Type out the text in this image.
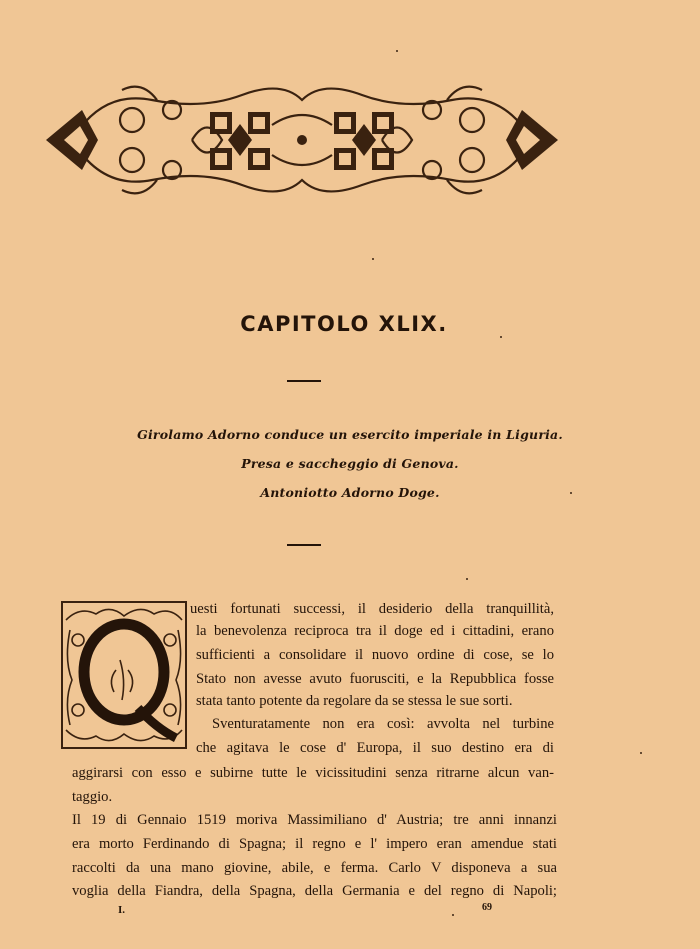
CAPITOLO XLIX.
Girolamo Adorno conduce un esercito imperiale in Liguria.
Presa e saccheggio di Genova.
Antoniotto Adorno Doge.
uesti fortunati successi, il desiderio della tranquillità,
la benevolenza reciproca tra il doge ed i cittadini, erano
sufficienti a consolidare il nuovo ordine di cose, se lo
Stato non avesse avuto fuorusciti, e la Repubblica fosse
stata tanto potente da regolare da se stessa le sue sorti.
Sventuratamente non era così: avvolta nel turbine
che agitava le cose d' Europa, il suo destino era di
aggirarsi con esso e subirne tutte le vicissitudini senza ritrarne alcun van-
taggio.
Il 19 di Gennaio 1519 moriva Massimiliano d' Austria; tre anni innanzi
era morto Ferdinando di Spagna; il regno e l' impero eran amendue stati
raccolti da una mano giovine, abile, e ferma. Carlo V disponeva a sua
voglia della Fiandra, della Spagna, della Germania e del regno di Napoli;
I.	69
